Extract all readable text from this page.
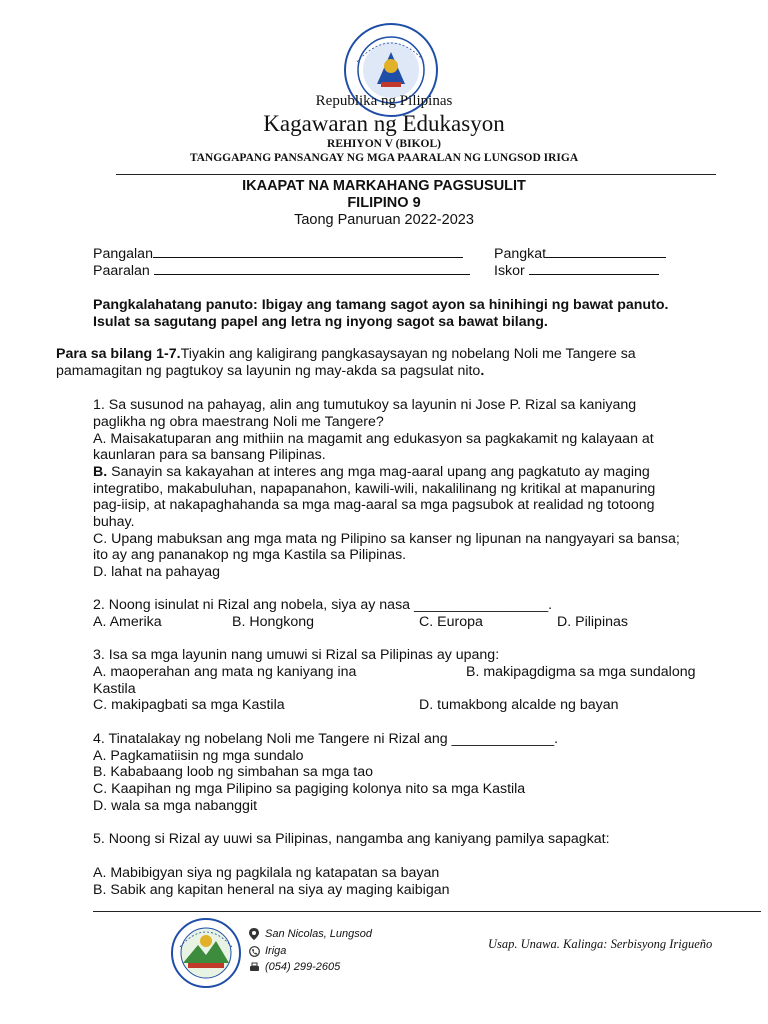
Republika ng Pilipinas
Kagawaran ng Edukasyon
REHIYON V (BIKOL)
TANGGAPANG PANSANGAY NG MGA PAARALAN NG LUNGSOD IRIGA
IKAAPAT NA MARKAHANG PAGSUSULIT
FILIPINO 9
Taong Panuruan 2022-2023
Pangalan	Pangkat
Paaralan	Iskor
Pangkalahatang panuto: Ibigay ang tamang sagot ayon sa hinihingi ng bawat panuto.
Isulat sa sagutang papel ang letra ng inyong sagot sa bawat bilang.
Para sa bilang 1-7.Tiyakin ang kaligirang pangkasaysayan ng nobelang Noli me Tangere sa
pamamagitan ng pagtukoy sa layunin ng may-akda sa pagsulat nito.
1. Sa susunod na pahayag, alin ang tumutukoy sa layunin ni Jose P. Rizal sa kaniyang
paglikha ng obra maestrang Noli me Tangere?
A. Maisakatuparan ang mithiin na magamit ang edukasyon sa pagkakamit ng kalayaan at
kaunlaran para sa bansang Pilipinas.
B. Sanayin sa kakayahan at interes ang mga mag-aaral upang ang pagkatuto ay maging
integratibo, makabuluhan, napapanahon, kawili-wili, nakalilinang ng kritikal at mapanuring
pag-iisip, at nakapaghahanda sa mga mag-aaral sa mga pagsubok at realidad ng totoong
buhay.
C. Upang mabuksan ang mga mata ng Pilipino sa kanser ng lipunan na nangyayari sa bansa;
ito ay ang pananakop ng mga Kastila sa Pilipinas.
D. lahat na pahayag
2. Noong isinulat ni Rizal ang nobela, siya ay nasa _________________.
A. Amerika	B. Hongkong	C. Europa	D. Pilipinas
3. Isa sa mga layunin nang umuwi si Rizal sa Pilipinas ay upang:
A. maoperahan ang mata ng kaniyang ina	B. makipagdigma sa mga sundalong
Kastila
C. makipagbati sa mga Kastila	D. tumakbong alcalde ng bayan
4. Tinatalakay ng nobelang Noli me Tangere ni Rizal ang _____________.
A. Pagkamatiisin ng mga sundalo
B. Kababaang loob ng simbahan sa mga tao
C. Kaapihan ng mga Pilipino sa pagiging kolonya nito sa mga Kastila
D. wala sa mga nabanggit
5. Noong si Rizal ay uuwi sa Pilipinas, nangamba ang kaniyang pamilya sapagkat:
A. Mabibigyan siya ng pagkilala ng katapatan sa bayan
B. Sabik ang kapitan heneral na siya ay maging kaibigan
San Nicolas, Lungsod
Iriga
(054) 299-2605
Usap. Unawa. Kalinga: Serbisyong Irigueño
